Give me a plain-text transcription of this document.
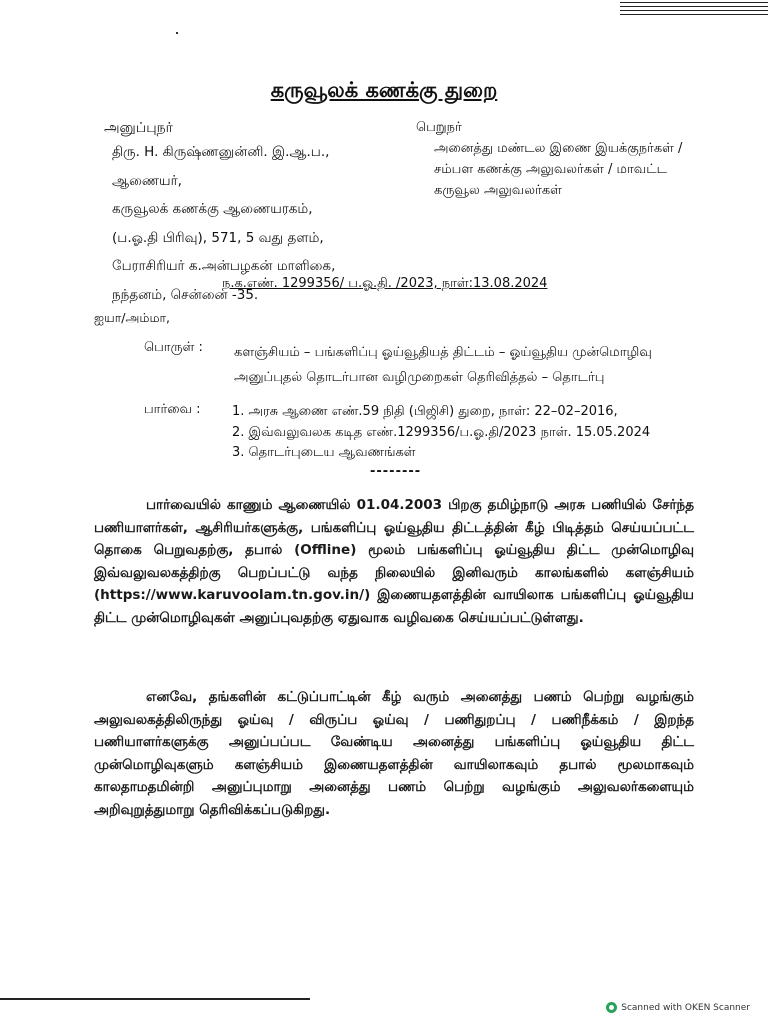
கருவூலக் கணக்கு துறை
அனுப்புநர்
திரு. H. கிருஷ்ணனுன்னி. இ.ஆ.ப.,
ஆணையர்,
கருவூலக் கணக்கு ஆணையரகம்,
(ப.ஓ.தி பிரிவு), 571, 5 வது தளம்,
பேராசிரியர் க.அன்பழகன் மாளிகை,
நந்தனம், சென்னை -35.
பெறுநர்
அனைத்து மண்டல இணை இயக்குநர்கள் /
சம்பள கணக்கு அலுவலர்கள் / மாவட்ட
கருவூல அலுவலர்கள்
ந.க.எண். 1299356/ ப.ஓ.தி. /2023, நாள்:13.08.2024
ஐயா/அம்மா,
பொருள் : களஞ்சியம் – பங்களிப்பு ஓய்வூதியத் திட்டம் – ஓய்வூதிய முன்மொழிவு
அனுப்புதல் தொடர்பான வழிமுறைகள் தெரிவித்தல் – தொடர்பு
பார்வை : 1. அரசு ஆணை எண்.59 நிதி (பிஜிசி) துறை, நாள்: 22–02–2016,
2. இவ்வலுவலக கடித எண்.1299356/ப.ஓ.தி/2023 நாள். 15.05.2024
3. தொடர்புடைய ஆவணங்கள்
--------
பார்வையில் காணும் ஆணையில் 01.04.2003 பிறகு தமிழ்நாடு அரசு பணியில் சேர்ந்த பணியாளர்கள், ஆசிரியர்களுக்கு, பங்களிப்பு ஓய்வூதிய திட்டத்தின் கீழ் பிடித்தம் செய்யப்பட்ட தொகை பெறுவதற்கு, தபால் (Offline) மூலம் பங்களிப்பு ஓய்வூதிய திட்ட முன்மொழிவு இவ்வலுவலகத்திற்கு பெறப்பட்டு வந்த நிலையில் இனிவரும் காலங்களில் களஞ்சியம் (https://www.karuvoolam.tn.gov.in/) இணையதளத்தின் வாயிலாக பங்களிப்பு ஓய்வூதிய திட்ட முன்மொழிவுகள் அனுப்புவதற்கு ஏதுவாக வழிவகை செய்யப்பட்டுள்ளது.
எனவே, தங்களின் கட்டுப்பாட்டின் கீழ் வரும் அனைத்து பணம் பெற்று வழங்கும் அலுவலகத்திலிருந்து ஓய்வு / விருப்ப ஓய்வு / பணிதுறப்பு / பணிநீக்கம் / இறந்த பணியாளர்களுக்கு அனுப்பப்பட வேண்டிய அனைத்து பங்களிப்பு ஓய்வூதிய திட்ட முன்மொழிவுகளும் களஞ்சியம் இணையதளத்தின் வாயிலாகவும் தபால் மூலமாகவும் காலதாமதமின்றி அனுப்புமாறு அனைத்து பணம் பெற்று வழங்கும் அலுவலர்களையும் அறிவுறுத்துமாறு தெரிவிக்கப்படுகிறது.
Scanned with OKEN Scanner
